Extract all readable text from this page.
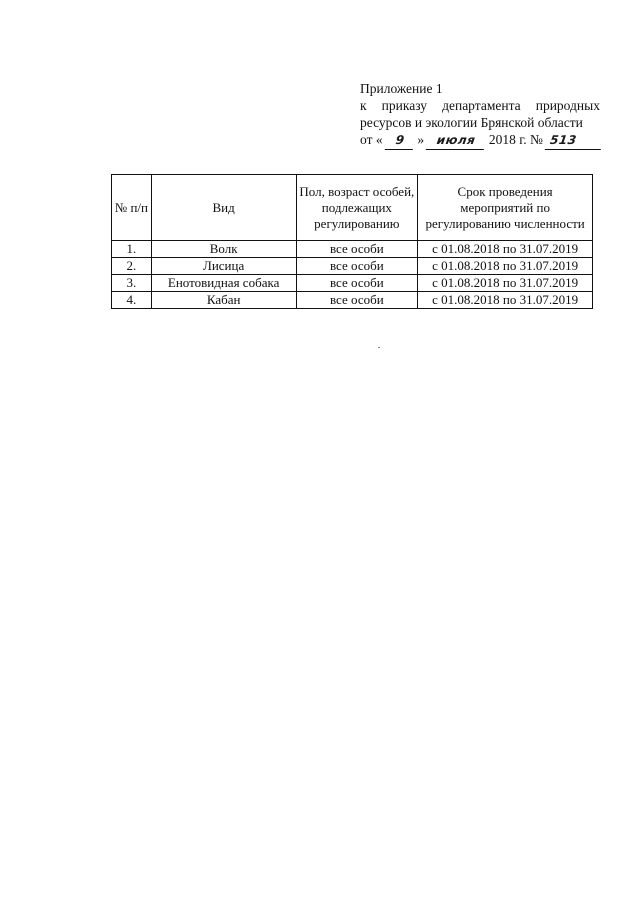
Приложение 1
к приказу департамента природных
ресурсов и экологии Брянской области
от « 9 » июля 2018 г. № 513
№ п/п	Вид	Пол, возраст особей, подлежащих регулированию	Срок проведения мероприятий по регулированию численности
1.	Волк	все особи	с 01.08.2018 по 31.07.2019
2.	Лисица	все особи	с 01.08.2018 по 31.07.2019
3.	Енотовидная собака	все особи	с 01.08.2018 по 31.07.2019
4.	Кабан	все особи	с 01.08.2018 по 31.07.2019
